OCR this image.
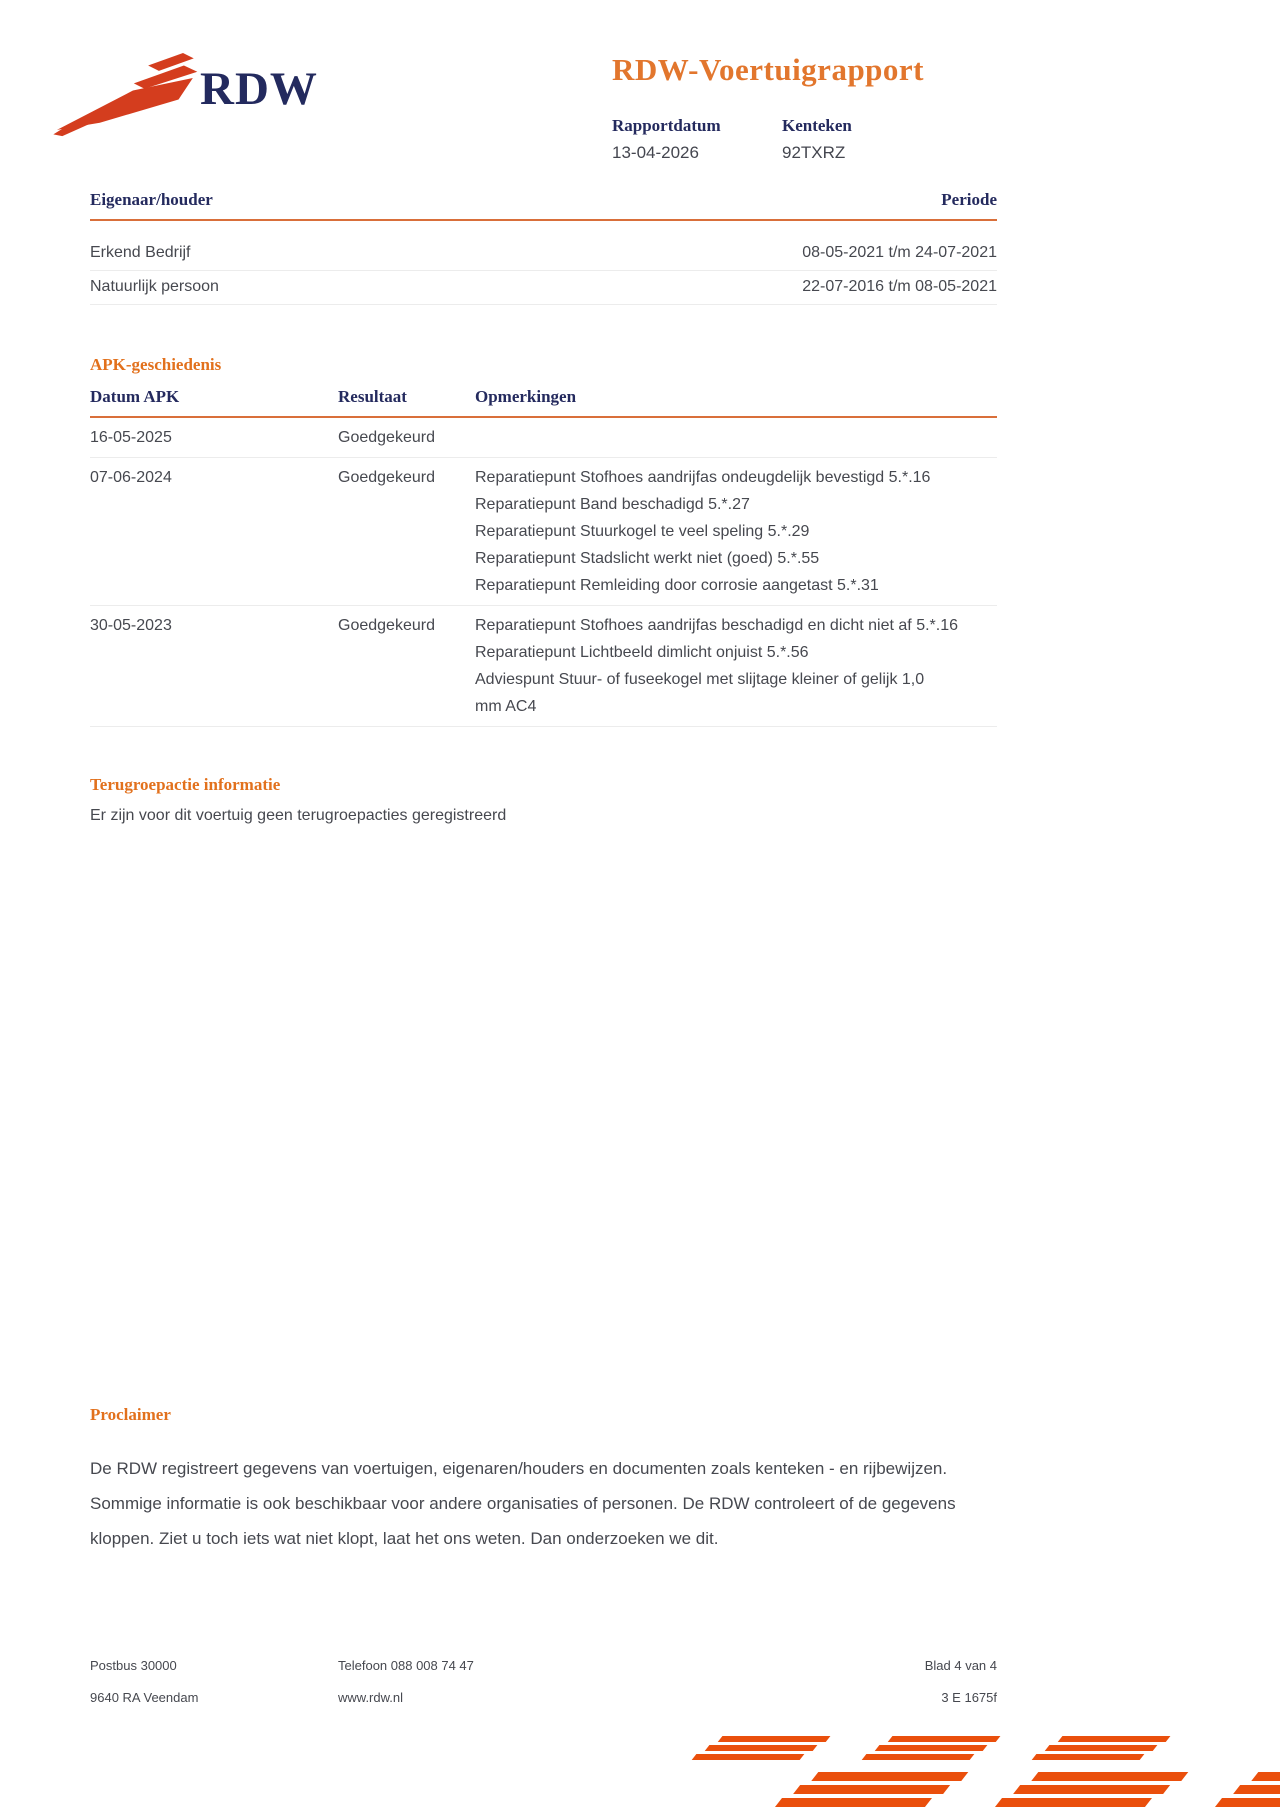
RDW	RDW-Voertuigrapport
Rapportdatum
13-04-2026
Kenteken
92TXRZ
Eigenaar/houder	Periode
Erkend Bedrijf	08-05-2021 t/m 24-07-2021
Natuurlijk persoon	22-07-2016 t/m 08-05-2021
APK-geschiedenis
Datum APK	Resultaat	Opmerkingen
16-05-2025	Goedgekeurd
07-06-2024	Goedgekeurd	Reparatiepunt Stofhoes aandrijfas ondeugdelijk bevestigd 5.*.16
Reparatiepunt Band beschadigd 5.*.27
Reparatiepunt Stuurkogel te veel speling 5.*.29
Reparatiepunt Stadslicht werkt niet (goed) 5.*.55
Reparatiepunt Remleiding door corrosie aangetast 5.*.31
30-05-2023	Goedgekeurd	Reparatiepunt Stofhoes aandrijfas beschadigd en dicht niet af 5.*.16
Reparatiepunt Lichtbeeld dimlicht onjuist 5.*.56
Adviespunt Stuur- of fuseekogel met slijtage kleiner of gelijk 1,0
mm AC4
Terugroepactie informatie
Er zijn voor dit voertuig geen terugroepacties geregistreerd
Proclaimer
De RDW registreert gegevens van voertuigen, eigenaren/houders en documenten zoals kenteken - en rijbewijzen. Sommige informatie is ook beschikbaar voor andere organisaties of personen. De RDW controleert of de gegevens kloppen. Ziet u toch iets wat niet klopt, laat het ons weten. Dan onderzoeken we dit.
Postbus 30000
9640 RA Veendam
Telefoon 088 008 74 47
www.rdw.nl
Blad 4 van 4
3 E 1675f
